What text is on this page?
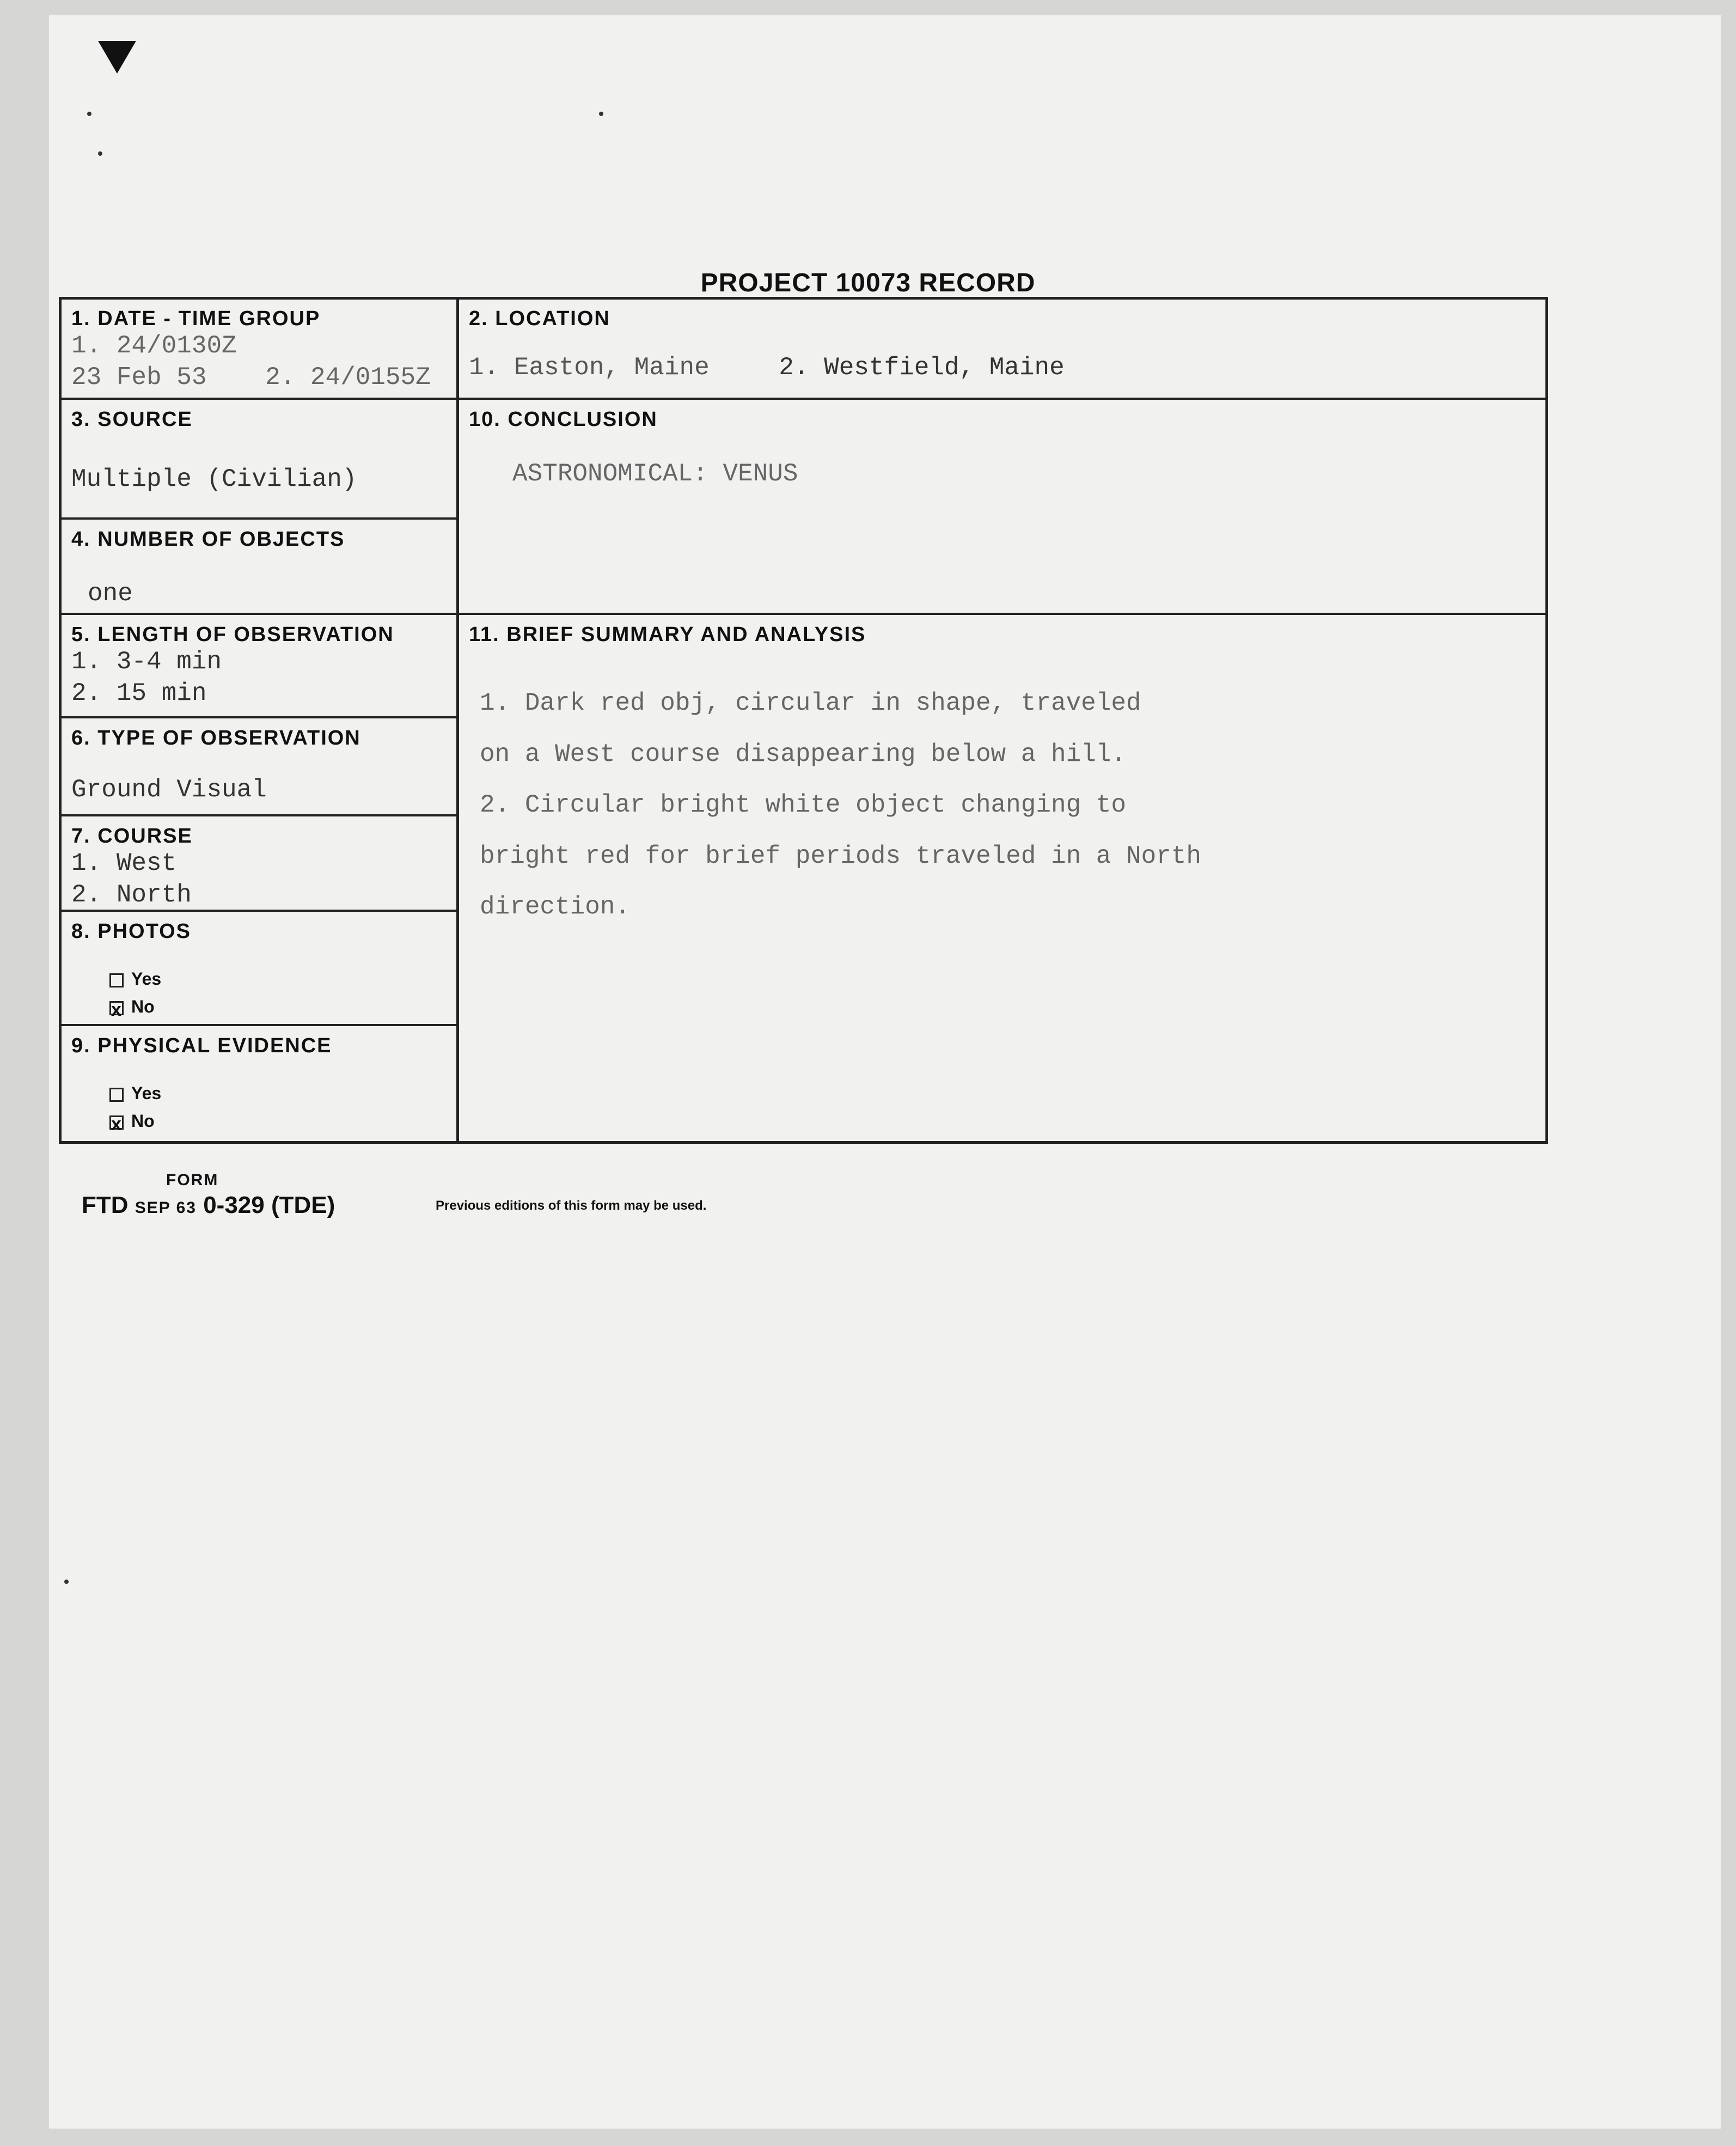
PROJECT 10073 RECORD
1. DATE - TIME GROUP
1. 24/0130Z
23 Feb 53 2. 24/0155Z
2. LOCATION
1. Easton, Maine	2. Westfield, Maine
3. SOURCE
Multiple (Civilian)
10. CONCLUSION
ASTRONOMICAL: VENUS
4. NUMBER OF OBJECTS
one
5. LENGTH OF OBSERVATION
1. 3-4 min
2. 15 min
11. BRIEF SUMMARY AND ANALYSIS

1. Dark red obj, circular in shape, traveled

on a West course disappearing below a hill.

2. Circular bright white object changing to

bright red for brief periods traveled in a North

direction.

6. TYPE OF OBSERVATION
Ground Visual
7. COURSE
1. West
2. North
8. PHOTOS
Yes
xNo
9. PHYSICAL EVIDENCE
Yes
xNo
FORM
FTD SEP 63 0-329 (TDE)	Previous editions of this form may be used.
